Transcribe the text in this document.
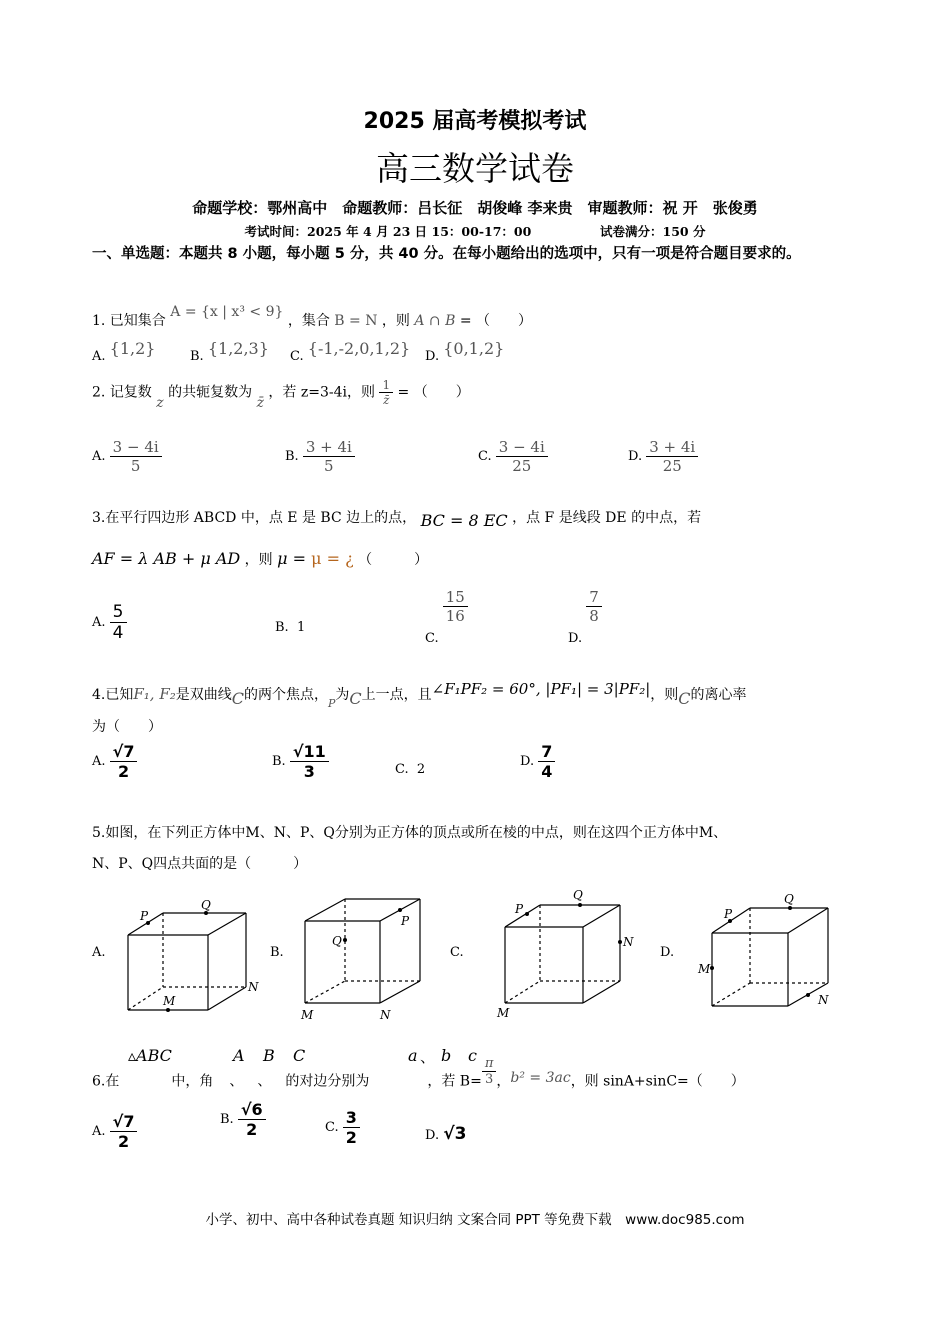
2025 届高考模拟考试
高三数学试卷
命题学校：鄂州高中　命题教师：吕长征　胡俊峰 李来贵　审题教师：祝 开　张俊勇
考试时间：2025 年 4 月 23 日 15：00-17：00	试卷满分：150 分
一、单选题：本题共 8 小题，每小题 5 分，共 40 分。在每小题给出的选项中，只有一项是符合题目要求的。
1. 已知集合 A = {x | x³ < 9} ，集合 B = N ，则 A ∩ B = （　　）
A. {1,2}	B. {1,2,3} C. {-1,-2,0,1,2} D. {0,1,2}
2. 记复数 z 的共轭复数为 z̄ ，若 z=3-4i，则 $\frac{1}{z̄}$ = （　　）
A. $\frac{3 - 4i}{5}$	B. $\frac{3 + 4i}{5}$	C. $\frac{3 - 4i}{25}$	D. $\frac{3 + 4i}{25}$
3.在平行四边形 ABCD 中，点 E 是 BC 边上的点， BC = 8 EC ，点 F 是线段 DE 的中点，若
AF = λ AB + μ AD ，则 μ = μ = ¿ （　　　）
A. $\frac{5}{4}$	B. 1
C.
$\frac{15}{16}$
D.
$\frac{7}{8}$
4.已知F₁, F₂是双曲线C的两个焦点，$_P$为C上一点，且∠F₁PF₂ = 60°, |PF₁| = 3|PF₂|，则C的离心率
为（　　）
A. $\frac{√7}{2}$	B. $\frac{√11}{3}$	C. 2
D. $\frac{7}{4}$
5.如图，在下列正方体中M、N、P、Q分别为正方体的顶点或所在棱的中点，则在这四个正方体中M、
N、P、Q四点共面的是（　　　）
A.
P
Q
M
N
B.
P
Q
M	N
C.
P
Q
M
N
D.
P
Q
M
N
▵ABC	A B C	a 、 b c
6.在	中，角 、 、 的对边分别为	，若 $B= \frac{\pi}{3}$ ，b² = 3ac，则 sinA+sinC=（　　）
A. $\frac{√7}{2}$	B. $\frac{√6}{2}$	C. $\frac{3}{2}$	D. √3
小学、初中、高中各种试卷真题 知识归纳 文案合同 PPT 等免费下载　www.doc985.com
